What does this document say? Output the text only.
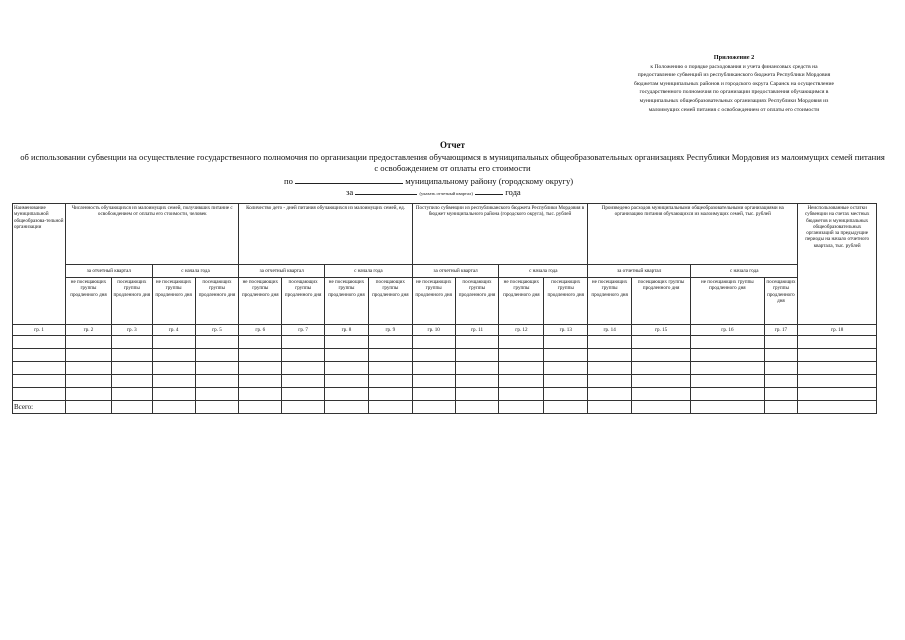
Приложение 2
к Положению о порядке расходования и учета финансовых средств на
предоставление субвенций из республиканского бюджета Республики Мордовия
бюджетам муниципальных районов и городского округа Саранск на осуществление
государственного полномочия по организации предоставления обучающимся в
муниципальных общеобразовательных организациях Республики Мордовия из
малоимущих семей питания с освобождением от оплаты его стоимости
Отчет
об использовании субвенции на осуществление государственного полномочия по организации предоставления обучающимся в муниципальных общеобразовательных организациях Республики Мордовия из малоимущих семей питания с освобождением от оплаты его стоимости
по	муниципальному району (городскому округу)
за	(указать отчетный квартал)	года
Наименование муниципальной общеобразова-тельной организации	Численность обучающихся из малоимущих семей, получивших питание с освобождением от оплаты его стоимости, человек				Количество дето - дней питания обучающихся из малоимущих семей, ед.				Поступило субвенции из республиканского бюджета Республики Мордовия в бюджет муниципального района (городского округа), тыс. рублей				Произведено расходов муниципальными общеобразовательными организациями на организацию питания обучающихся из малоимущих семей, тыс. рублей				Неиспользованные остатки субвенции на счетах местных бюджетов и муниципальных общеобразовательных организаций за предыдущие периоды на начало отчетного квартала, тыс. рублей
	за отчетный квартал		с начала года		за отчетный квартал		с начала года		за отчетный квартал		с начала года		за отчетный квартал		с начала года		
	не посещающих группы продленного дня	посещающих группы продленного дня	не посещающих группы продленного дня	посещающих группы продленного дня	не посещающих группы продленного дня	посещающих группы продленного дня	не посещающих группы продленного дня	посещающих группы продленного дня	не посещающих группы продленного дня	посещающих группы продленного дня	не посещающих группы продленного дня	посещающих группы продленного дня	не посещающих группы продленного дня	посещающих группы продленного дня	не посещающих группы продленного дня	посещающих группы продленного дня	
гр. 1	гр. 2	гр. 3	гр. 4	гр. 5	гр. 6	гр. 7	гр. 8	гр. 9	гр. 10	гр. 11	гр. 12	гр. 13	гр. 14	гр. 15	гр. 16	гр. 17	гр. 18

Всего:																	
